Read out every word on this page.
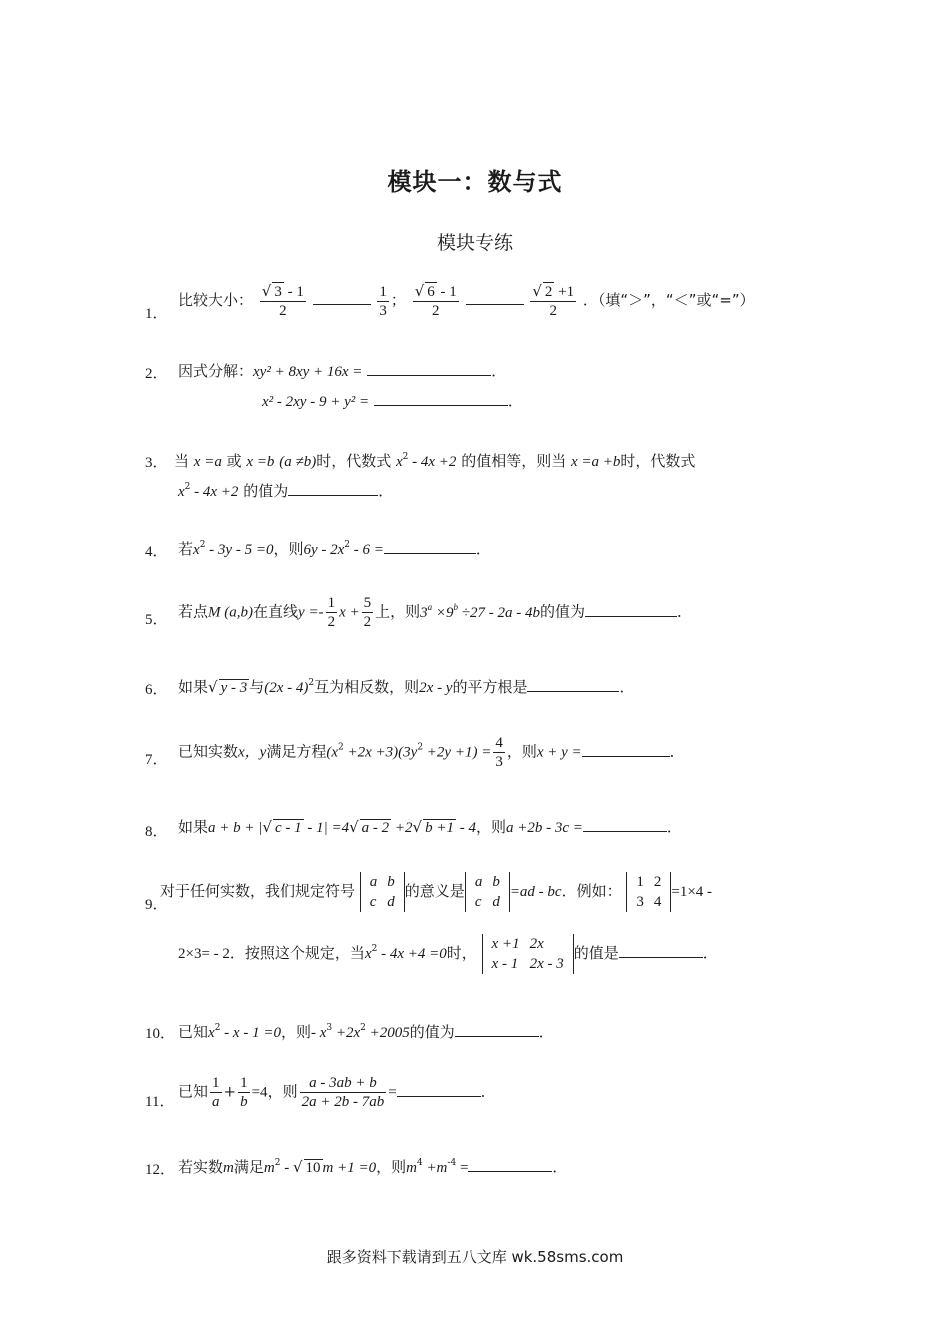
模块一：数与式
模块专练
1．
比较大小： $\frac{√ 3 - 1}{2}$
	$\frac{1}{3}$ ； $\frac{√ 6 - 1}{2}$
	$\frac{√ 2 +1}{2}$ ．（填“＞”，“＜”或“=”）
2． 因式分解：xy² + 8xy + 16x =	．
x² - 2xy - 9 + y² =	．
3． 当 x =a 或 x =b (a ≠b)时，代数式 $x^2 - 4x +2$ 的值相等，则当 x =a +b时，代数式
$x^2 - 4x +2$ 的值为	．
4． 若$x^2 - 3y - 5 =0$，则$6y - 2x^2 - 6$ =	．
5． 若点M (a,b)在直线$y =- \frac{1}{2}$ $x + \frac{5}{2}$ 上，则$3^a \times 9^b \div 27 - 2a - 4b$的值为	．
6． 如果√ y - 3 与(2x - 4)$^2$互为相反数，则2x - y的平方根是	．
7． 已知实数x，y满足方程$(x^2 +2x +3)(3y^2 +2y +1) = \frac{4}{3}$ ，则x + y =	．
8． 如果a + b + |√ c - 1 - 1| =4√ a - 2 +2√ b +1 - 4，则a +2b - 3c =	．
9．
对于任何实数，我们规定符号 a	b
c	d
的意义是 a	b
c	d
=ad - bc．例如： 1	2
3	4
=1×4 -
2×3= - 2．按照这个规定，当$x^2 - 4x +4 =0$时， x +1	2x
x - 1	2x - 3
的值是	．
10． 已知$x^2 - x - 1 =0$，则- $x^3 +2x^2 +2005$的值为	．
11．
已知 $\frac{1}{a} + \frac{1}{b} =4$，则 $\frac{a - 3ab + b}{2a + 2b - 7ab}$ =	．
12． 若实数m满足$m^2$ - √ 10 m +1 =0，则$m^4 +m^{-4}$ =	．
跟多资料下载请到五八文库 wk.58sms.com
